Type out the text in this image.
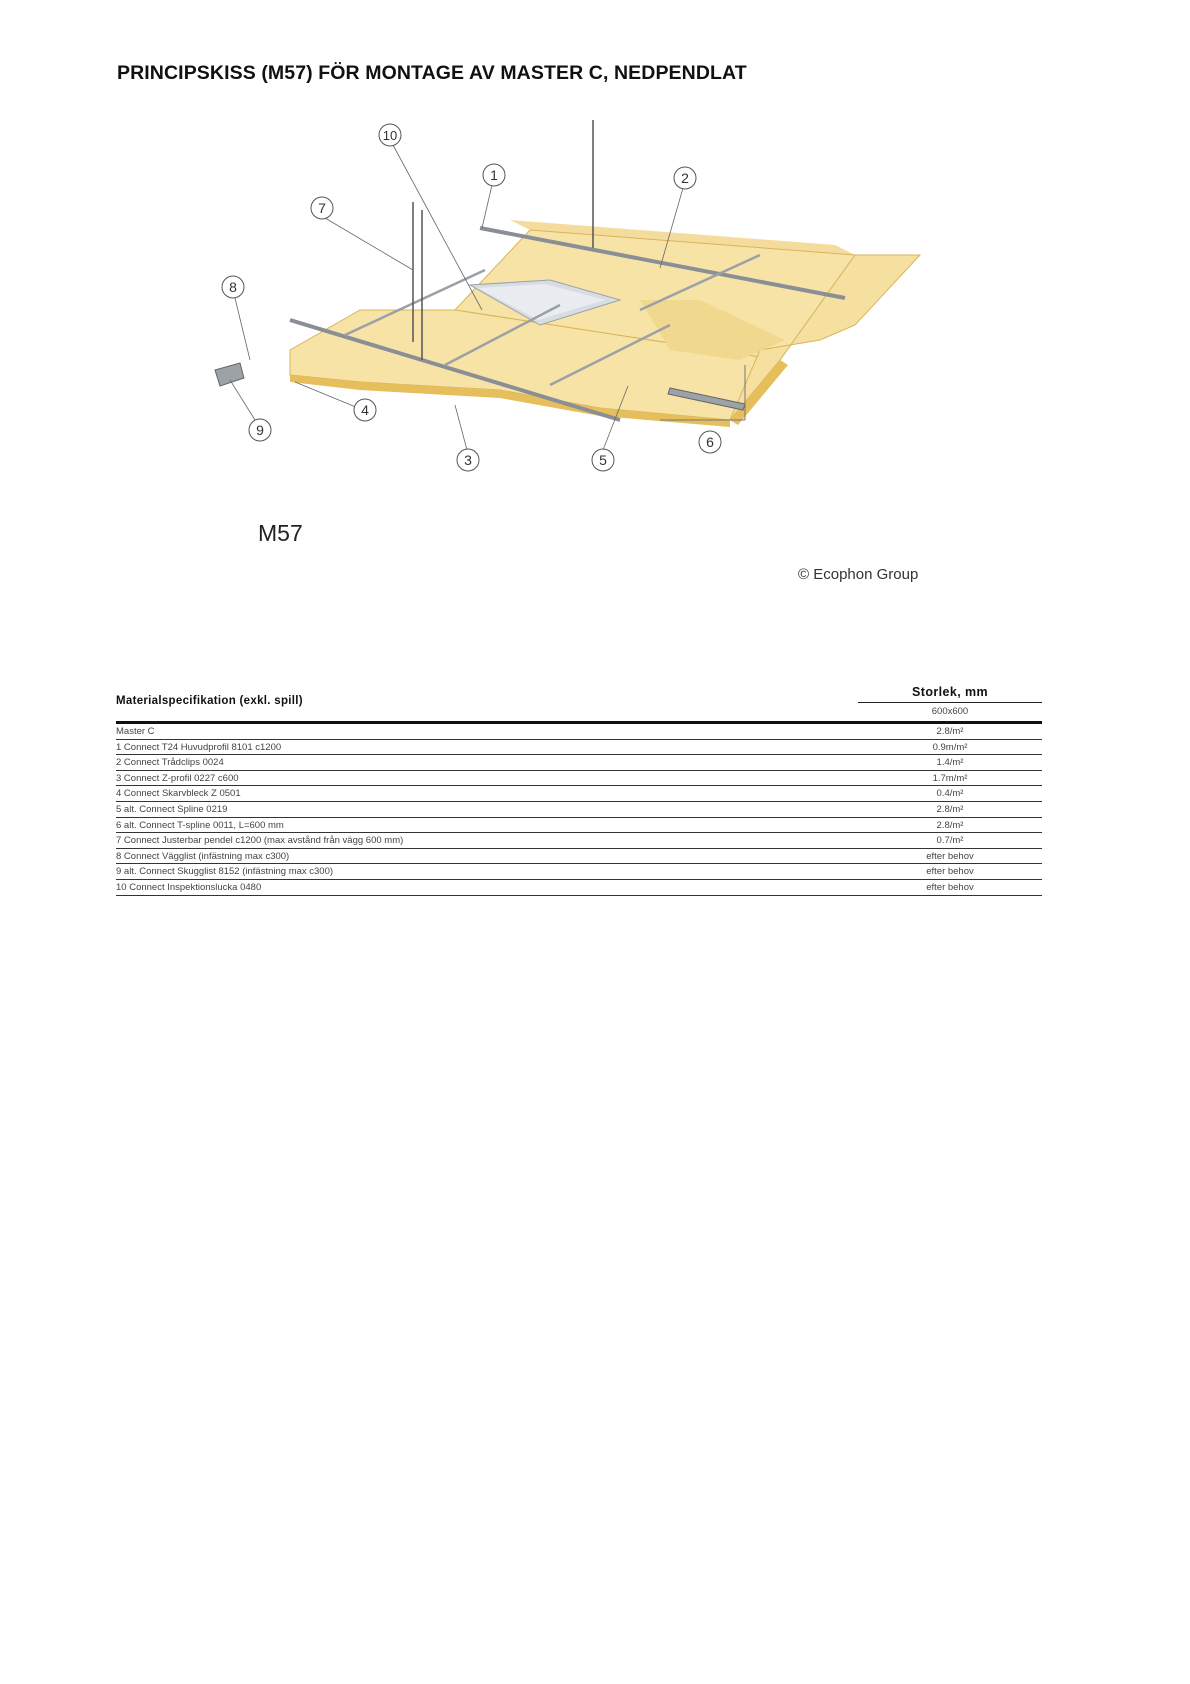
PRINCIPSKISS (M57) FÖR MONTAGE AV MASTER C, NEDPENDLAT
1	2
3
4
5
6
7
8
9
10
M57
© Ecophon Group
Materialspecifikation (exkl. spill)
Storlek, mm
600x600
Master C	2.8/m²
1 Connect T24 Huvudprofil 8101 c1200	0.9m/m²
2 Connect Trådclips 0024	1.4/m²
3 Connect Z-profil 0227 c600	1.7m/m²
4 Connect Skarvbleck Z 0501	0.4/m²
5 alt. Connect Spline 0219	2.8/m²
6 alt. Connect T-spline 0011, L=600 mm	2.8/m²
7 Connect Justerbar pendel c1200 (max avstånd från vägg 600 mm)	0.7/m²
8 Connect Vägglist (infästning max c300)	efter behov
9 alt. Connect Skugglist 8152 (infästning max c300)	efter behov
10 Connect Inspektionslucka 0480	efter behov
